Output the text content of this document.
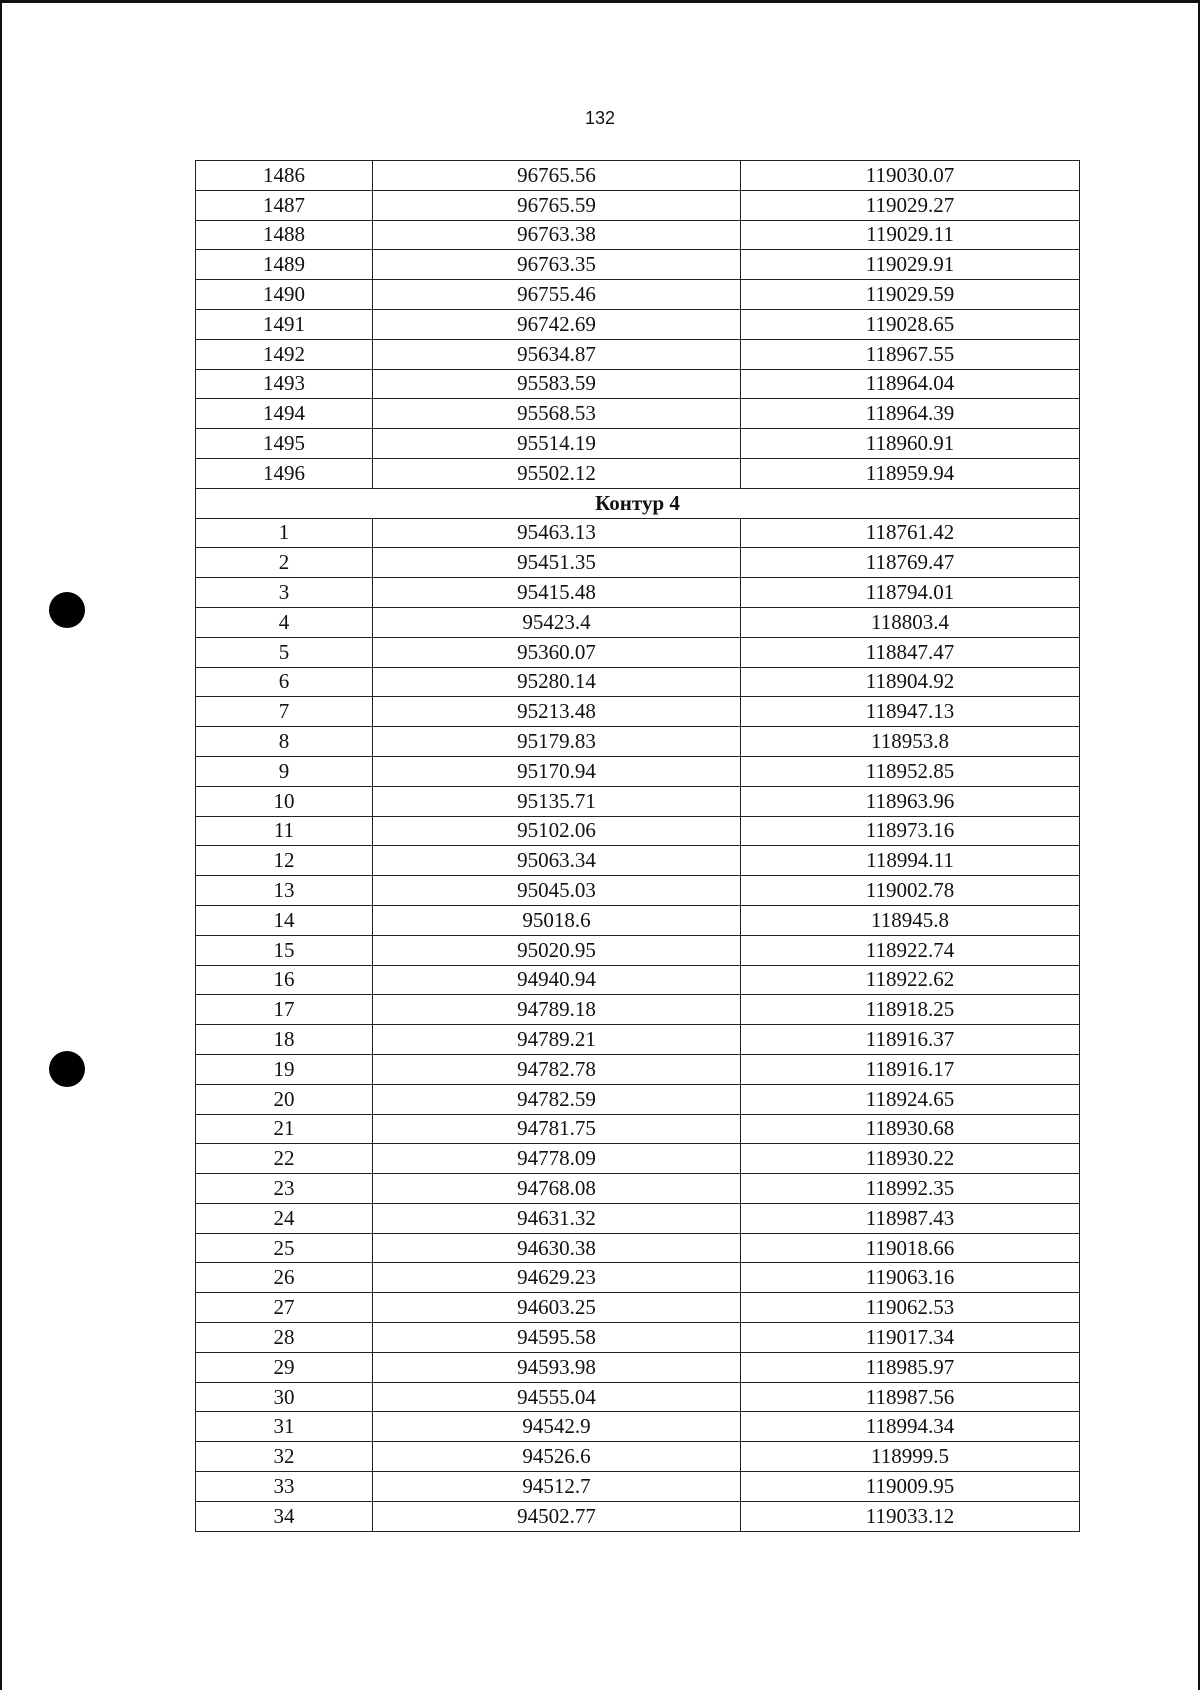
132
1486	96765.56	119030.07
1487	96765.59	119029.27
1488	96763.38	119029.11
1489	96763.35	119029.91
1490	96755.46	119029.59
1491	96742.69	119028.65
1492	95634.87	118967.55
1493	95583.59	118964.04
1494	95568.53	118964.39
1495	95514.19	118960.91
1496	95502.12	118959.94
Контур 4		
1	95463.13	118761.42
2	95451.35	118769.47
3	95415.48	118794.01
4	95423.4	118803.4
5	95360.07	118847.47
6	95280.14	118904.92
7	95213.48	118947.13
8	95179.83	118953.8
9	95170.94	118952.85
10	95135.71	118963.96
11	95102.06	118973.16
12	95063.34	118994.11
13	95045.03	119002.78
14	95018.6	118945.8
15	95020.95	118922.74
16	94940.94	118922.62
17	94789.18	118918.25
18	94789.21	118916.37
19	94782.78	118916.17
20	94782.59	118924.65
21	94781.75	118930.68
22	94778.09	118930.22
23	94768.08	118992.35
24	94631.32	118987.43
25	94630.38	119018.66
26	94629.23	119063.16
27	94603.25	119062.53
28	94595.58	119017.34
29	94593.98	118985.97
30	94555.04	118987.56
31	94542.9	118994.34
32	94526.6	118999.5
33	94512.7	119009.95
34	94502.77	119033.12
